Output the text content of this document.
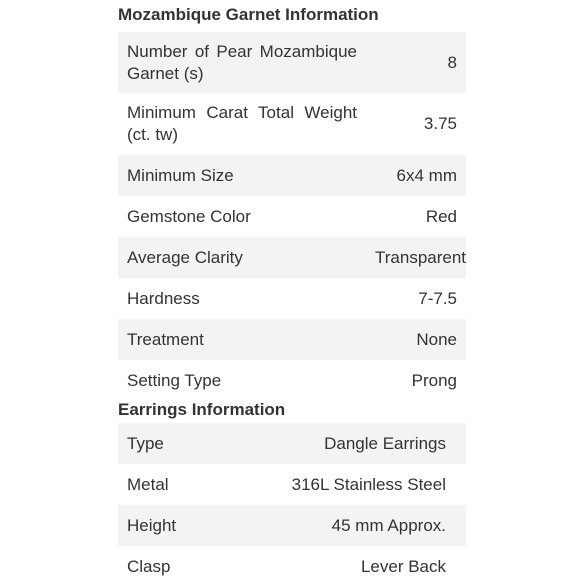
Mozambique Garnet Information
Number of Pear Mozambique Garnet (s)	8
Minimum Carat Total Weight (ct. tw)	3.75
Minimum Size	6x4 mm
Gemstone Color	Red
Average Clarity	Transparent
Hardness	7-7.5
Treatment	None
Setting Type	Prong
Earrings Information
Type	Dangle Earrings
Metal	316L Stainless Steel
Height	45 mm Approx.
Clasp	Lever Back
